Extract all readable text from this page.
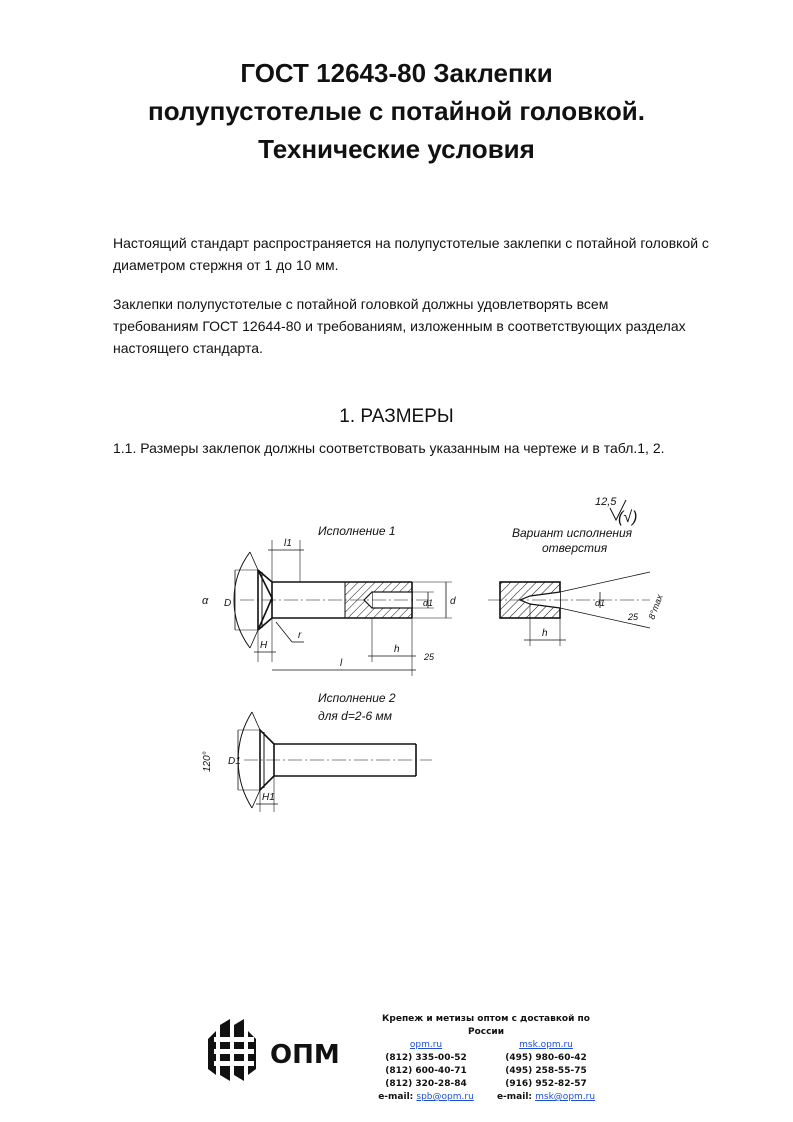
ГОСТ 12643-80 Заклепки
полупустотелые с потайной головкой.
Технические условия
Настоящий стандарт распространяется на полупустотелые заклепки с потайной головкой с
диаметром стержня от 1 до 10 мм.
Заклепки полупустотелые с потайной головкой должны удовлетворять всем
требованиям ГОСТ 12644-80 и требованиям, изложенным в соответствующих разделах
настоящего стандарта.
1. РАЗМЕРЫ
1.1. Размеры заклепок должны соответствовать указанным на чертеже и в табл.1, 2.
Исполнение 1	Вариант исполнения
отверстия
12,5
(√)
Исполнение 2
для d=2-6 мм
α D
l1
d1 d
H
r
l
h
25
d1
h
25 8°max
120° D1
H1
ОПМ
Крепеж и метизы оптом с доставкой по России
opm.ru
(812) 335-00-52
(812) 600-40-71
(812) 320-28-84
e-mail: spb@opm.ru
msk.opm.ru
(495) 980-60-42
(495) 258-55-75
(916) 952-82-57
e-mail: msk@opm.ru
